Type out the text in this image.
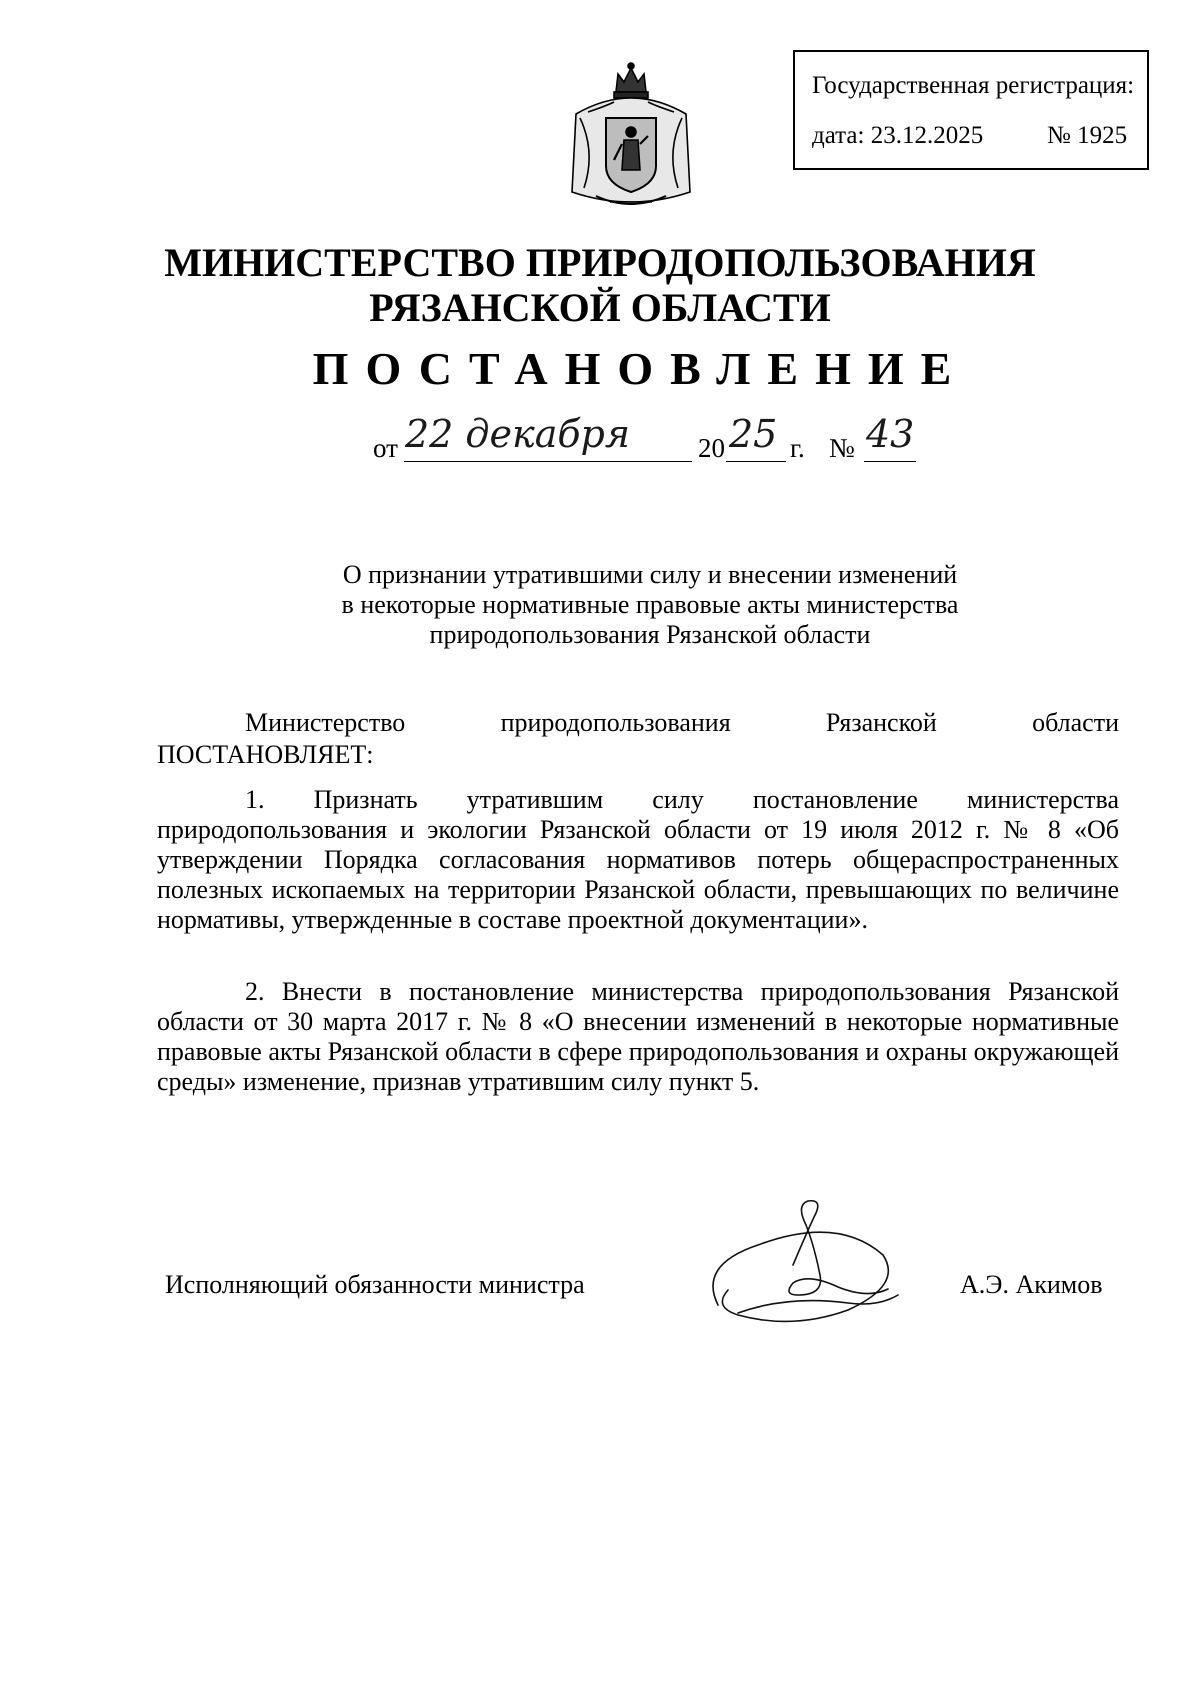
Государственная регистрация:
дата: 23.12.2025	№ 1925
МИНИСТЕРСТВО ПРИРОДОПОЛЬЗОВАНИЯ
РЯЗАНСКОЙ ОБЛАСТИ
ПОСТАНОВЛЕНИЕ
от 22 декабря	20 25 г. № 43
О признании утратившими силу и внесении изменений
в некоторые нормативные правовые акты министерства
природопользования Рязанской области
Министерство	природопользования	Рязанской	области
ПОСТАНОВЛЯЕТ:
1. Признать утратившим силу постановление министерства природопользования и экологии Рязанской области от 19 июля 2012 г. № 8 «Об утверждении Порядка согласования нормативов потерь общераспространенных полезных ископаемых на территории Рязанской области, превышающих по величине нормативы, утвержденные в составе проектной документации».
2. Внести в постановление министерства природопользования Рязанской области от 30 марта 2017 г. № 8 «О внесении изменений в некоторые нормативные правовые акты Рязанской области в сфере природопользования и охраны окружающей среды» изменение, признав утратившим силу пункт 5.
Исполняющий обязанности министра	А.Э. Акимов
